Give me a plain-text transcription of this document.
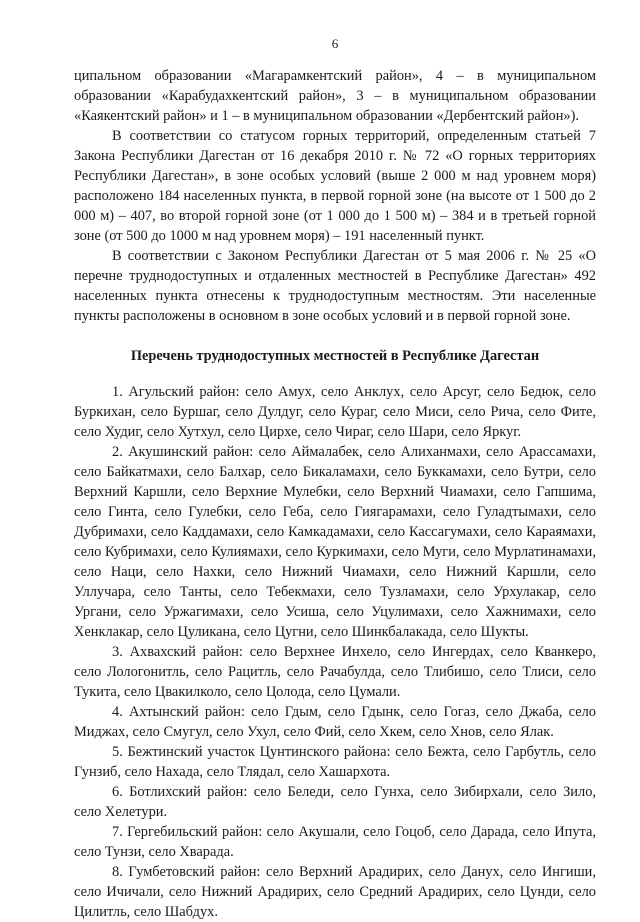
6

ципальном образовании «Магарамкентский район», 4 – в муниципальном образовании «Карабудахкентский район», 3 – в муниципальном образовании «Каякентский район» и 1 – в муниципальном образовании «Дербентский район»).

В соответствии со статусом горных территорий, определенным статьей 7 Закона Республики Дагестан от 16 декабря 2010 г. № 72 «О горных территориях Республики Дагестан», в зоне особых условий (выше 2 000 м над уровнем моря) расположено 184 населенных пункта, в первой горной зоне (на высоте от 1 500 до 2 000 м) – 407, во второй горной зоне (от 1 000 до 1 500 м) – 384 и в третьей горной зоне (от 500 до 1000 м над уровнем моря) – 191 населенный пункт.

В соответствии с Законом Республики Дагестан от 5 мая 2006 г. № 25 «О перечне труднодоступных и отдаленных местностей в Республике Дагестан» 492 населенных пункта отнесены к труднодоступным местностям. Эти населенные пункты расположены в основном в зоне особых условий и в первой горной зоне.

Перечень труднодоступных местностей в Республике Дагестан

1. Агульский район: село Амух, село Анклух, село Арсуг, село Бедюк, село Буркихан, село Буршаг, село Дулдуг, село Кураг, село Миси, село Рича, село Фите, село Худиг, село Хутхул, село Цирхе, село Чираг, село Шари, село Яркуг.

2. Акушинский район: село Аймалабек, село Алиханмахи, село Арассамахи, село Байкатмахи, село Балхар, село Бикаламахи, село Буккамахи, село Бутри, село Верхний Каршли, село Верхние Мулебки, село Верхний Чиамахи, село Гапшима, село Гинта, село Гулебки, село Геба, село Гиягарамахи, село Гуладтымахи, село Дубримахи, село Каддамахи, село Камкадамахи, село Кассагумахи, село Караямахи, село Кубримахи, село Кулиямахи, село Куркимахи, село Муги, село Мурлатинамахи, село Наци, село Нахки, село Нижний Чиамахи, село Нижний Каршли, село Уллучара, село Танты, село Тебекмахи, село Тузламахи, село Урхулакар, село Ургани, село Уржагимахи, село Усиша, село Уцулимахи, село Хажнимахи, село Хенклакар, село Цуликана, село Цугни, село Шинкбалакада, село Шукты.

3. Ахвахский район: село Верхнее Инхело, село Ингердах, село Кванкеро, село Лологонитль, село Рацитль, село Рачабулда, село Тлибишо, село Тлиси, село Тукита, село Цвакилколо, село Цолода, село Цумали.

4. Ахтынский район: село Гдым, село Гдынк, село Гогаз, село Джаба, село Миджах, село Смугул, село Ухул, село Фий, село Хкем, село Хнов, село Ялак.

5. Бежтинский участок Цунтинского района: село Бежта, село Гарбутль, село Гунзиб, село Нахада, село Тлядал, село Хашархота.

6. Ботлихский район: село Беледи, село Гунха, село Зибирхали, село Зило, село Хелетури.

7. Гергебильский район: село Акушали, село Гоцоб, село Дарада, село Ипута, село Тунзи, село Хварада.

8. Гумбетовский район: село Верхний Арадирих, село Данух, село Ингиши, село Ичичали, село Нижний Арадирих, село Средний Арадирих, село Цунди, село Цилитль, село Шабдух.
